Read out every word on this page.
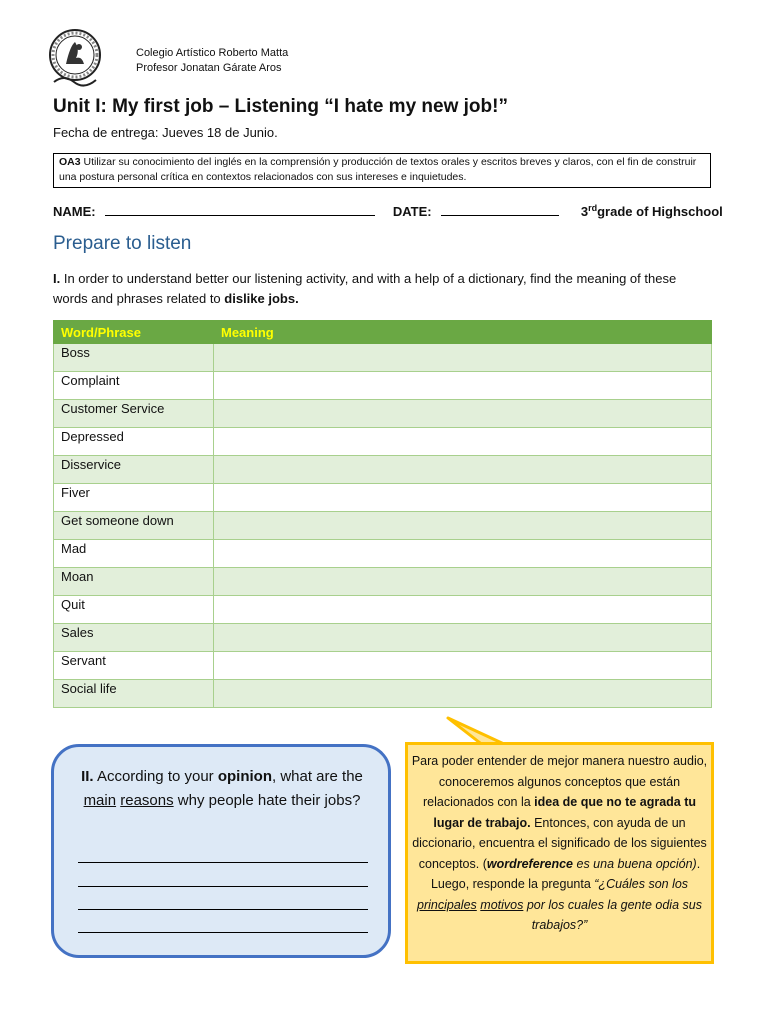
Colegio Artístico Roberto Matta
Profesor Jonatan Gárate Aros
Unit I: My first job – Listening “I hate my new job!”
Fecha de entrega: Jueves 18 de Junio.
OA3 Utilizar su conocimiento del inglés en la comprensión y producción de textos orales y escritos breves y claros, con el fin de construir una postura personal crítica en contextos relacionados con sus intereses e inquietudes.
NAME:	DATE:	3rdgrade of Highschool
Prepare to listen
I. In order to understand better our listening activity, and with a help of a dictionary, find the meaning of these words and phrases related to dislike jobs.
Word/Phrase	Meaning
Boss	
Complaint	
Customer Service	
Depressed	
Disservice	
Fiver	
Get someone down	
Mad	
Moan	
Quit	
Sales	
Servant	
Social life	
II. According to your opinion, what are the main reasons why people hate their jobs?
Para poder entender de mejor manera nuestro audio, conoceremos algunos conceptos que están relacionados con la idea de que no te agrada tu lugar de trabajo. Entonces, con ayuda de un diccionario, encuentra el significado de los siguientes conceptos. (wordreference es una buena opción). Luego, responde la pregunta “¿Cuáles son los principales motivos por los cuales la gente odia sus trabajos?”
